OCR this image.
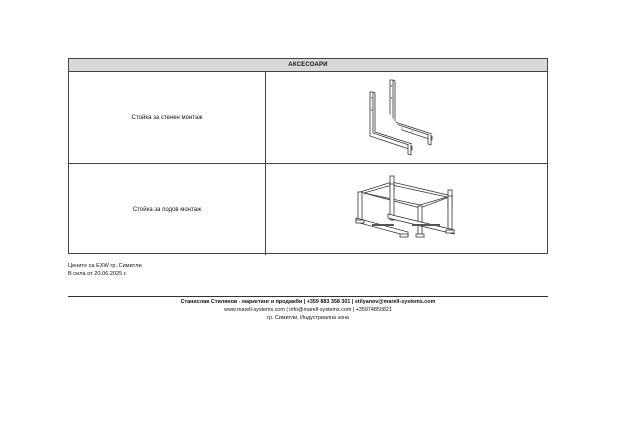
АКСЕСОАРИ
Стойка за стенен монтаж
Стойка за подов монтаж
Цените са EXW гр. Симитли
В сила от 20.06.2025 г.
Станислав Стилянов - маркетинг и продажби | +359 883 358 301 | stilyanov@marell-systems.com
www.marell-systems.com | info@marell-systems.com | +35974850821
гр. Симитли, Индустриална зона
